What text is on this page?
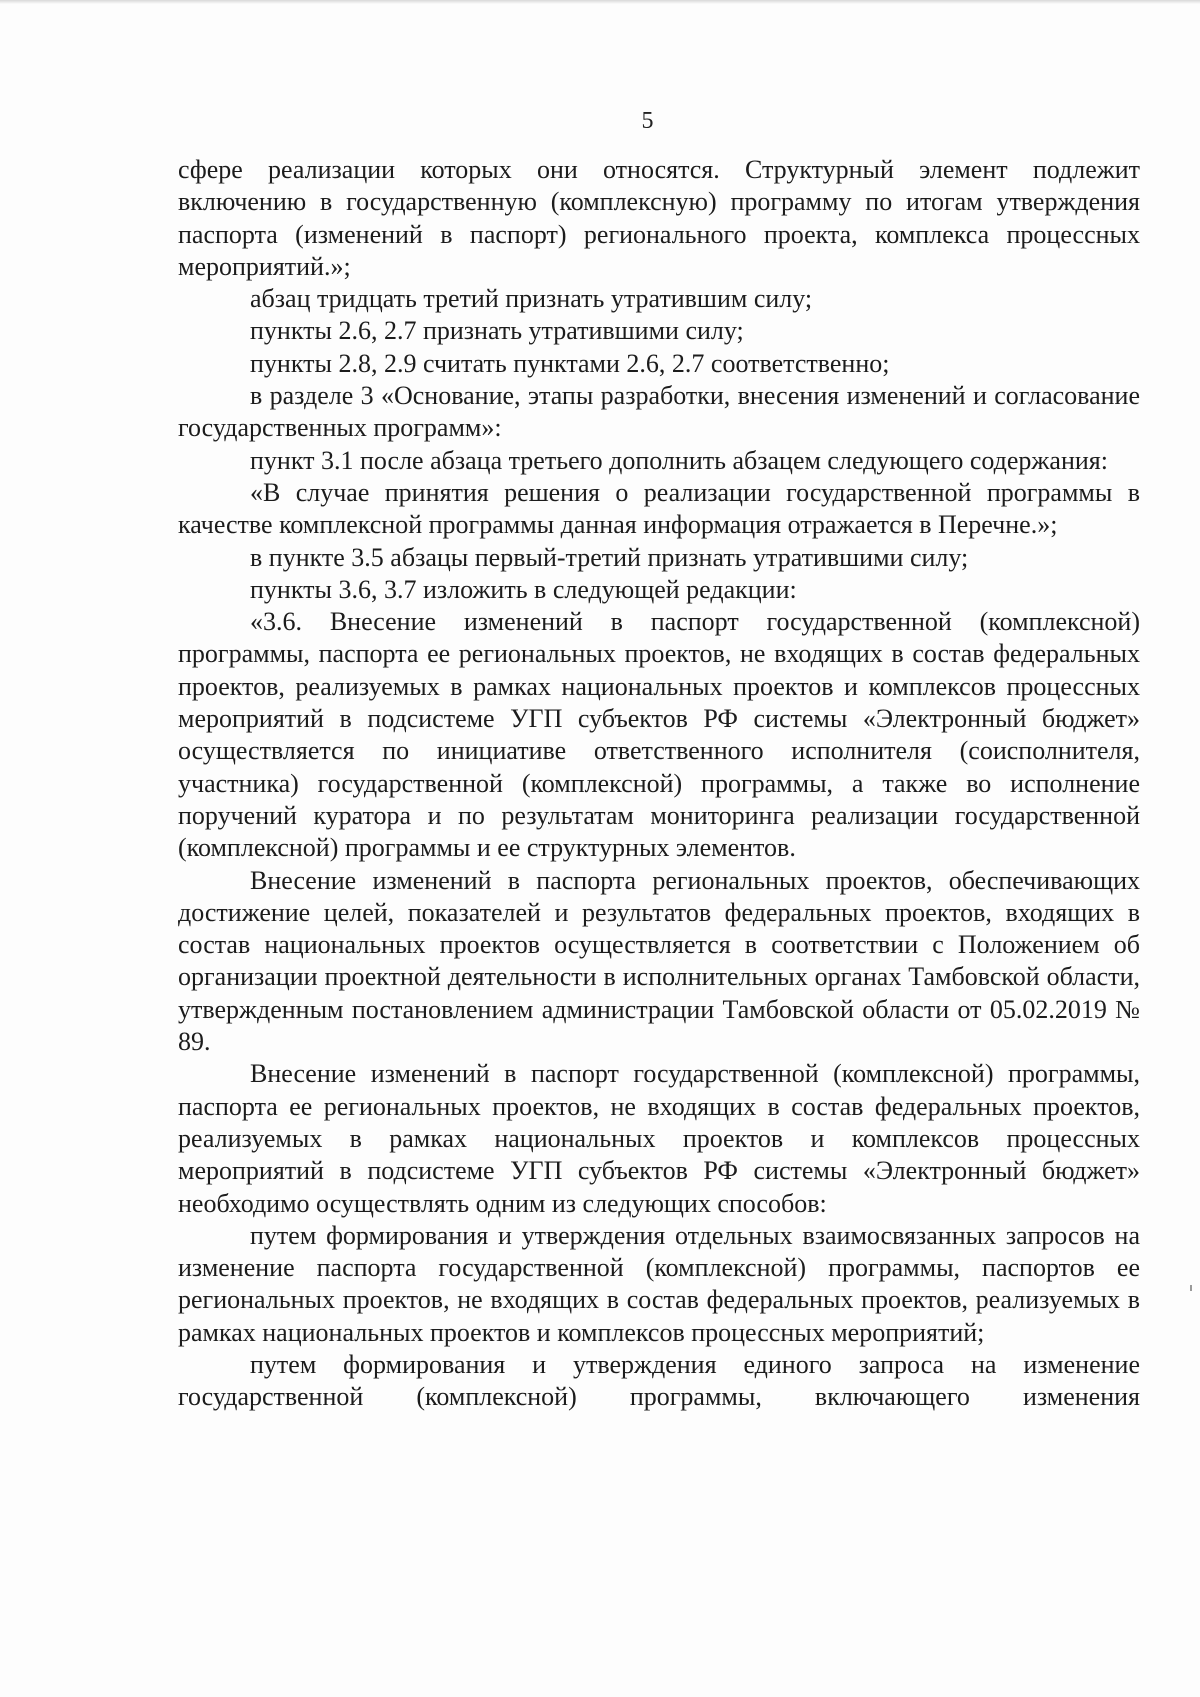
5

сфере реализации которых они относятся. Структурный элемент подлежит включению в государственную (комплексную) программу по итогам утверждения паспорта (изменений в паспорт) регионального проекта, комплекса процессных мероприятий.»;

абзац тридцать третий признать утратившим силу;

пункты 2.6, 2.7 признать утратившими силу;

пункты 2.8, 2.9 считать пунктами 2.6, 2.7 соответственно;

в разделе 3 «Основание, этапы разработки, внесения изменений и согласование государственных программ»:

пункт 3.1 после абзаца третьего дополнить абзацем следующего содержания:

«В случае принятия решения о реализации государственной программы в качестве комплексной программы данная информация отражается в Перечне.»;

в пункте 3.5 абзацы первый-третий признать утратившими силу;

пункты 3.6, 3.7 изложить в следующей редакции:

«3.6. Внесение изменений в паспорт государственной (комплексной) программы, паспорта ее региональных проектов, не входящих в состав федеральных проектов, реализуемых в рамках национальных проектов и комплексов процессных мероприятий в подсистеме УГП субъектов РФ системы «Электронный бюджет» осуществляется по инициативе ответственного исполнителя (соисполнителя, участника) государственной (комплексной) программы, а также во исполнение поручений куратора и по результатам мониторинга реализации государственной (комплексной) программы и ее структурных элементов.

Внесение изменений в паспорта региональных проектов, обеспечивающих достижение целей, показателей и результатов федеральных проектов, входящих в состав национальных проектов осуществляется в соответствии с Положением об организации проектной деятельности в исполнительных органах Тамбовской области, утвержденным постановлением администрации Тамбовской области от 05.02.2019 № 89.

Внесение изменений в паспорт государственной (комплексной) программы, паспорта ее региональных проектов, не входящих в состав федеральных проектов, реализуемых в рамках национальных проектов и комплексов процессных мероприятий в подсистеме УГП субъектов РФ системы «Электронный бюджет» необходимо осуществлять одним из следующих способов:

путем формирования и утверждения отдельных взаимосвязанных запросов на изменение паспорта государственной (комплексной) программы, паспортов ее региональных проектов, не входящих в состав федеральных проектов, реализуемых в рамках национальных проектов и комплексов процессных мероприятий;

путем формирования и утверждения единого запроса на изменение государственной (комплексной) программы, включающего изменения
